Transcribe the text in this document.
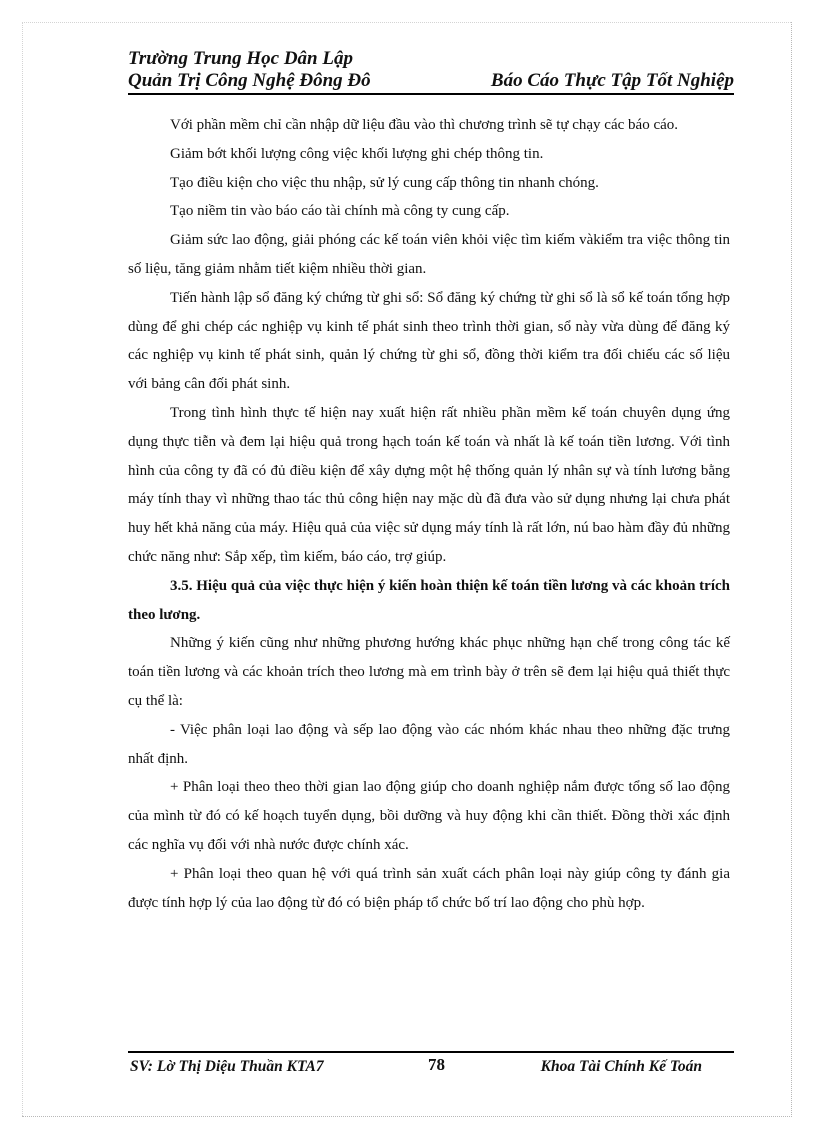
Trường Trung Học Dân Lập
Quản Trị Công Nghệ Đông Đô	Báo Cáo Thực Tập Tốt Nghiệp

Với phần mềm chỉ cần nhập dữ liệu đầu vào thì chương trình sẽ tự chạy các báo cáo.

Giảm bớt khối lượng công việc khối lượng ghi chép thông tin.

Tạo điều kiện cho việc thu nhập, sử lý cung cấp thông tin nhanh chóng.

Tạo niềm tin vào báo cáo tài chính mà công ty cung cấp.

Giảm sức lao động, giải phóng các kế toán viên khỏi việc tìm kiếm vàkiểm tra việc thông tin số liệu, tăng giảm nhằm tiết kiệm nhiều thời gian.

Tiến hành lập sổ đăng ký chứng từ ghi sổ: Sổ đăng ký chứng từ ghi sổ là sổ kế toán tổng hợp dùng để ghi chép các nghiệp vụ kinh tế phát sinh theo trình thời gian, sổ này vừa dùng để đăng ký các nghiệp vụ kinh tế phát sinh, quản lý chứng từ ghi sổ, đồng thời kiểm tra đối chiếu các số liệu với bảng cân đối phát sinh.

Trong tình hình thực tế hiện nay xuất hiện rất nhiều phần mềm kế toán chuyên dụng ứng dụng thực tiễn và đem lại hiệu quả trong hạch toán kế toán và nhất là kế toán tiền lương. Với tình hình của công ty đã có đủ điều kiện để xây dựng một hệ thống quản lý nhân sự và tính lương bằng máy tính thay vì những thao tác thủ công hiện nay mặc dù đã đưa vào sử dụng nhưng lại chưa phát huy hết khả năng của máy. Hiệu quả của việc sử dụng máy tính là rất lớn, nú bao hàm đầy đủ những chức năng như: Sắp xếp, tìm kiếm, báo cáo, trợ giúp.

3.5. Hiệu quả của việc thực hiện ý kiến hoàn thiện kế toán tiền lương và các khoản trích theo lương.

Những ý kiến cũng như những phương hướng khác phục những hạn chế trong công tác kế toán tiền lương và các khoản trích theo lương mà em trình bày ở trên sẽ đem lại hiệu quả thiết thực cụ thể là:

- Việc phân loại lao động và sếp lao động vào các nhóm khác nhau theo những đặc trưng nhất định.

+ Phân loại theo theo thời gian lao động giúp cho doanh nghiệp nắm được tổng số lao động của mình từ đó có kế hoạch tuyển dụng, bồi dưỡng và huy động khi cần thiết. Đồng thời xác định các nghĩa vụ đối với nhà nước được chính xác.

+ Phân loại theo quan hệ với quá trình sản xuất cách phân loại này giúp công ty đánh gia được tính hợp lý của lao động từ đó có biện pháp tổ chức bố trí lao động cho phù hợp.

SV: Lờ Thị Diệu Thuần KTA7	78	Khoa Tài Chính Kế Toán
